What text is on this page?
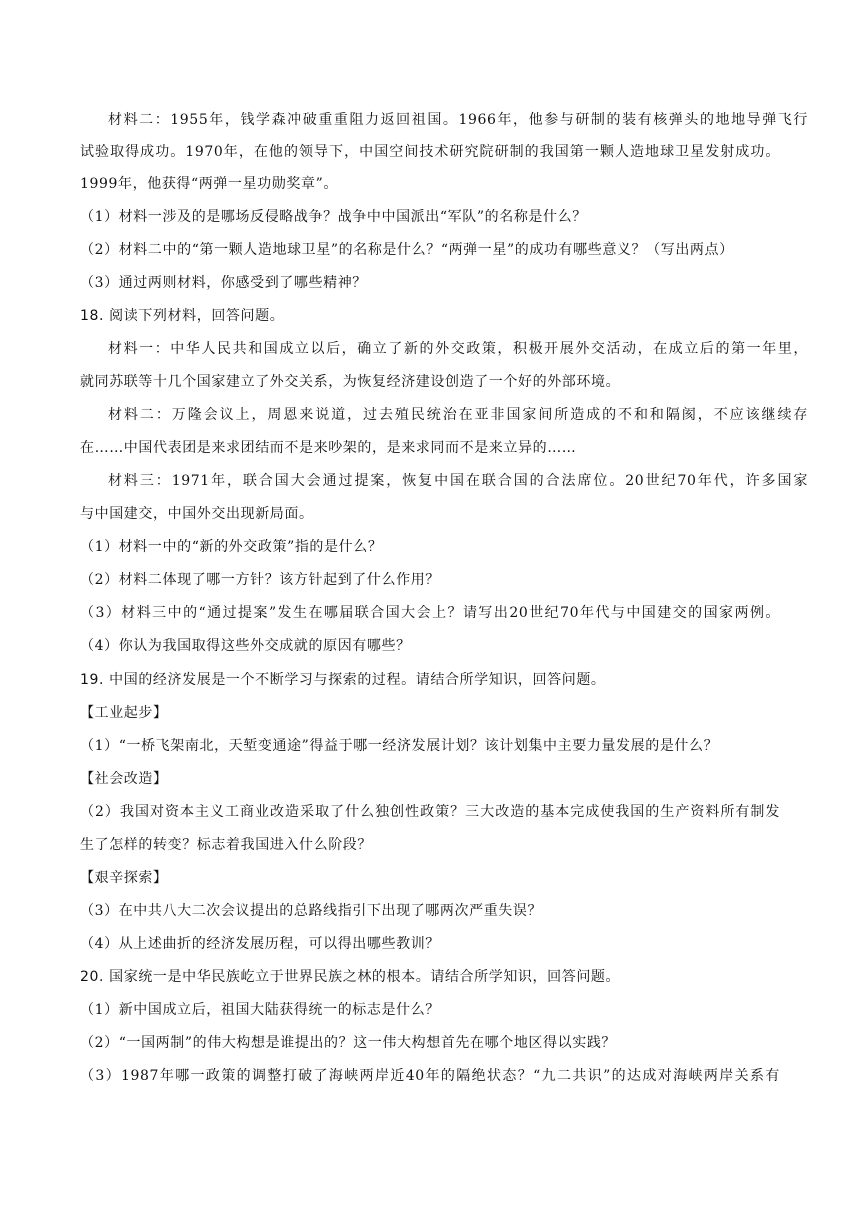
材料二：1955年，钱学森冲破重重阻力返回祖国。1966年，他参与研制的装有核弹头的地地导弹飞行
试验取得成功。1970年，在他的领导下，中国空间技术研究院研制的我国第一颗人造地球卫星发射成功。
1999年，他获得“两弹一星功勋奖章”。
（1）材料一涉及的是哪场反侵略战争？战争中中国派出“军队”的名称是什么？
（2）材料二中的“第一颗人造地球卫星”的名称是什么？“两弹一星”的成功有哪些意义？（写出两点）
（3）通过两则材料，你感受到了哪些精神？
18. 阅读下列材料，回答问题。
材料一：中华人民共和国成立以后，确立了新的外交政策，积极开展外交活动，在成立后的第一年里，
就同苏联等十几个国家建立了外交关系，为恢复经济建设创造了一个好的外部环境。
材料二：万隆会议上，周恩来说道，过去殖民统治在亚非国家间所造成的不和和隔阂，不应该继续存
在……中国代表团是来求团结而不是来吵架的，是来求同而不是来立异的……
材料三：1971年，联合国大会通过提案，恢复中国在联合国的合法席位。20世纪70年代，许多国家
与中国建交，中国外交出现新局面。
（1）材料一中的“新的外交政策”指的是什么？
（2）材料二体现了哪一方针？该方针起到了什么作用？
（3）材料三中的“通过提案”发生在哪届联合国大会上？请写出20世纪70年代与中国建交的国家两例。
（4）你认为我国取得这些外交成就的原因有哪些？
19. 中国的经济发展是一个不断学习与探索的过程。请结合所学知识，回答问题。
【工业起步】
（1）“一桥飞架南北，天堑变通途”得益于哪一经济发展计划？该计划集中主要力量发展的是什么？
【社会改造】
（2）我国对资本主义工商业改造采取了什么独创性政策？三大改造的基本完成使我国的生产资料所有制发
生了怎样的转变？标志着我国进入什么阶段？
【艰辛探索】
（3）在中共八大二次会议提出的总路线指引下出现了哪两次严重失误？
（4）从上述曲折的经济发展历程，可以得出哪些教训？
20. 国家统一是中华民族屹立于世界民族之林的根本。请结合所学知识，回答问题。
（1）新中国成立后，祖国大陆获得统一的标志是什么？
（2）“一国两制”的伟大构想是谁提出的？这一伟大构想首先在哪个地区得以实践？
（3）1987年哪一政策的调整打破了海峡两岸近40年的隔绝状态？“九二共识”的达成对海峡两岸关系有
